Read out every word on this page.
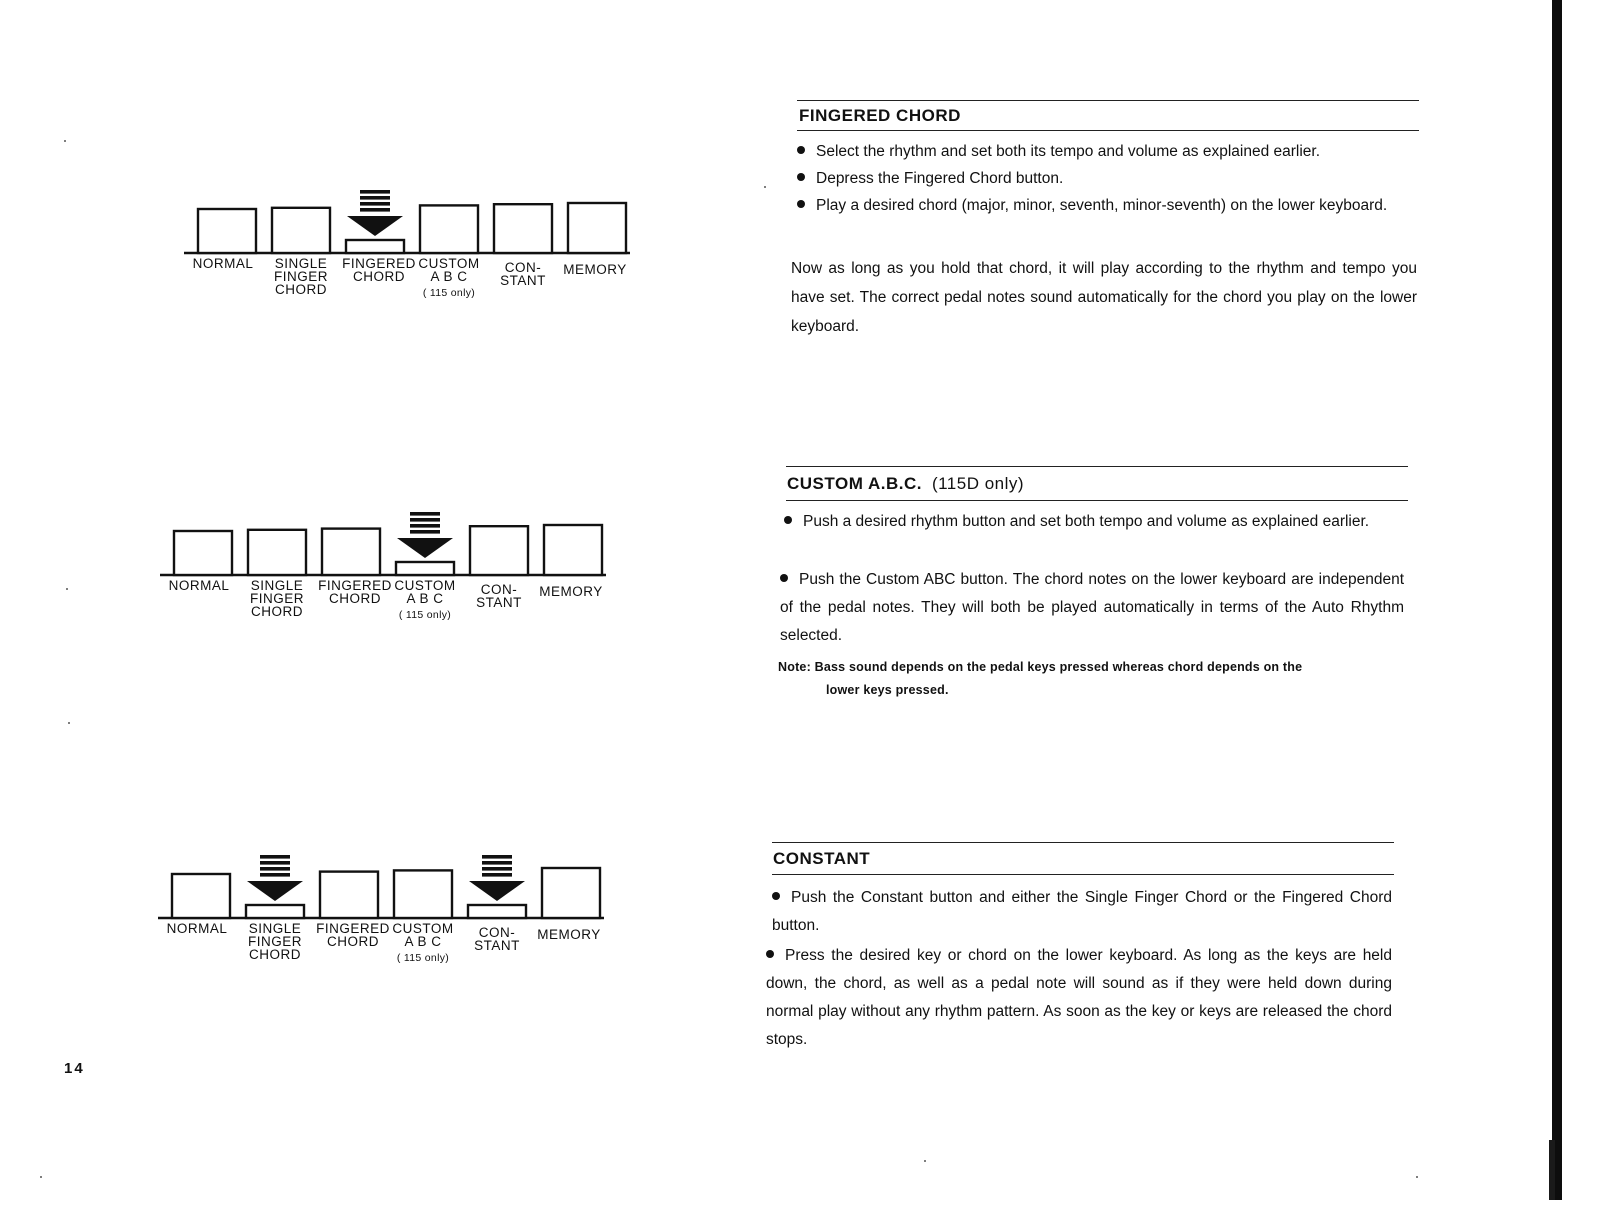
NORMAL	SINGLE
FINGER
CHORD
FINGERED
CHORD
CUSTOM
A B C
( 115 only)
CON-
STANT
MEMORY
NORMAL	SINGLE
FINGER
CHORD
FINGERED
CHORD
CUSTOM
A B C
( 115 only)
CON-
STANT
MEMORY
NORMAL	SINGLE
FINGER
CHORD
FINGERED
CHORD
CUSTOM
A B C
( 115 only)
CON-
STANT
MEMORY
FINGERED CHORD
Select the rhythm and set both its tempo and volume as explained earlier.
Depress the Fingered Chord button.
Play a desired chord (major, minor, seventh, minor-seventh) on the lower keyboard.
Now as long as you hold that chord, it will play according to the rhythm and tempo you have set. The correct pedal notes sound automatically for the chord you play on the lower keyboard.
CUSTOM A.B.C. (115D only)
Push a desired rhythm button and set both tempo and volume as explained earlier.
Push the Custom ABC button. The chord notes on the lower keyboard are independent of the pedal notes. They will both be played automatically in terms of the Auto Rhythm selected.
Note: Bass sound depends on the pedal keys pressed whereas chord depends on the
lower keys pressed.
CONSTANT
Push the Constant button and either the Single Finger Chord or the Fingered Chord button.
Press the desired key or chord on the lower keyboard. As long as the keys are held down, the chord, as well as a pedal note will sound as if they were held down during normal play without any rhythm pattern. As soon as the key or keys are released the chord stops.
14
